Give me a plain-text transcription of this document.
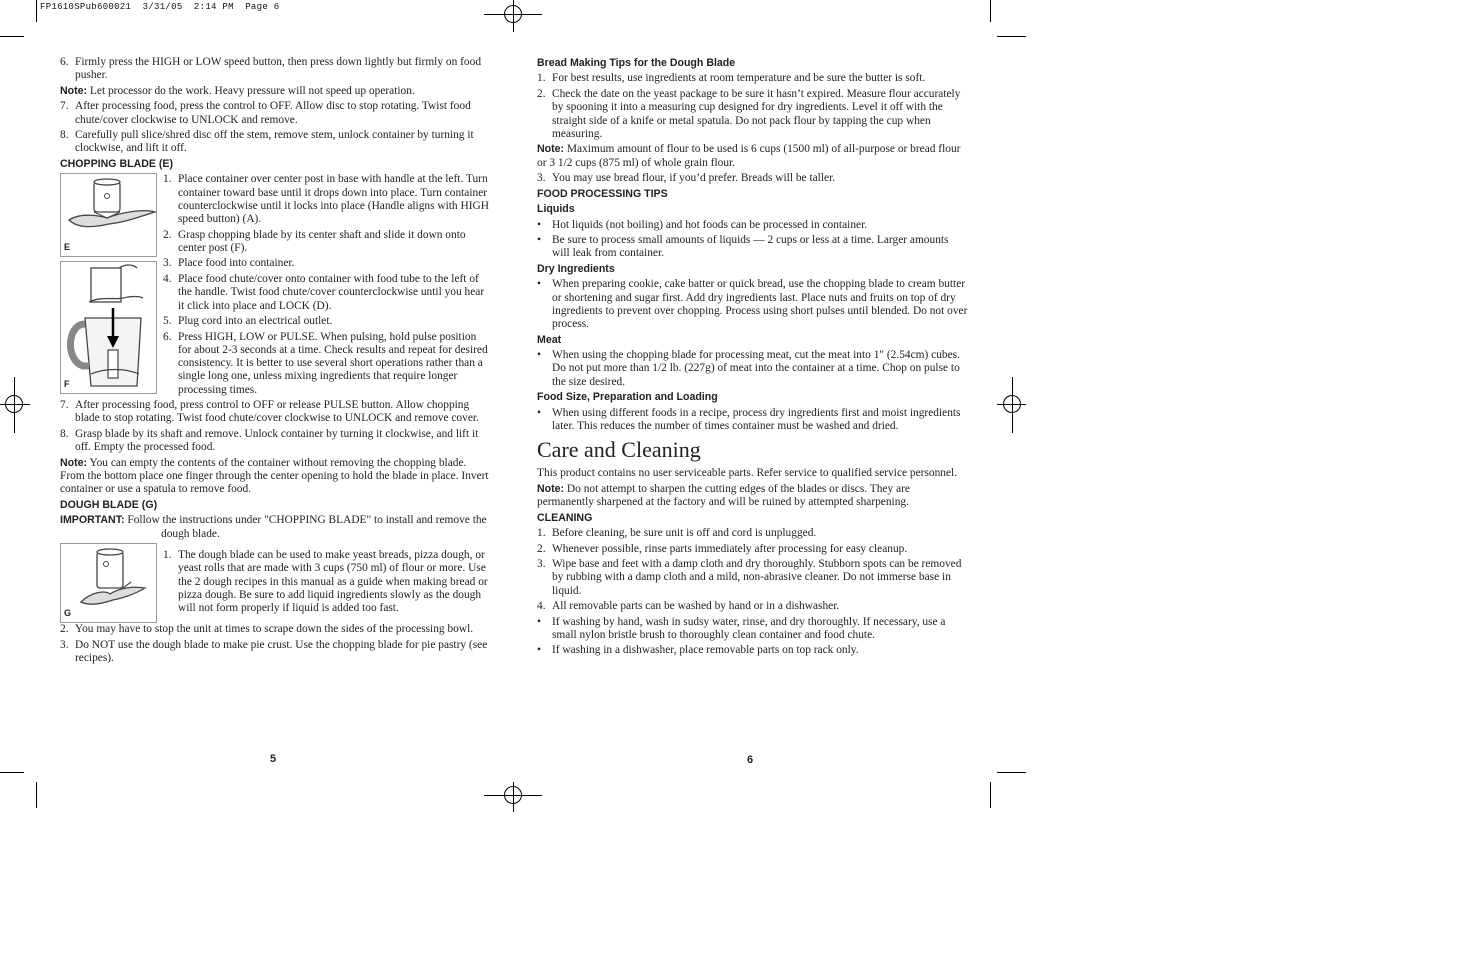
FP1610SPub600021  3/31/05  2:14 PM  Page 6
6. Firmly press the HIGH or LOW speed button, then press down lightly but firmly on food pusher.

Note: Let processor do the work. Heavy pressure will not speed up operation.

7. After processing food, press the control to OFF. Allow disc to stop rotating. Twist food chute/cover clockwise to UNLOCK and remove.
8. Carefully pull slice/shred disc off the stem, remove stem, unlock container by turning it clockwise, and lift it off.
CHOPPING BLADE (E)
E
F
1. Place container over center post in base with handle at the left. Turn container toward base until it drops down into place. Turn container counterclockwise until it locks into place (Handle aligns with HIGH speed button) (A).
2. Grasp chopping blade by its center shaft and slide it down onto center post (F).
3. Place food into container.
4. Place food chute/cover onto container with food tube to the left of the handle. Twist food chute/cover counterclockwise until you hear it click into place and LOCK (D).
5. Plug cord into an electrical outlet.
6. Press HIGH, LOW or PULSE. When pulsing, hold pulse position for about 2-3 seconds at a time. Check results and repeat for desired consistency. It is better to use several short operations rather than a single long one, unless mixing ingredients that require longer processing times.
7. After processing food, press control to OFF or release PULSE button. Allow chopping blade to stop rotating. Twist food chute/cover clockwise to UNLOCK and remove cover.
8. Grasp blade by its shaft and remove. Unlock container by turning it clockwise, and lift it off. Empty the processed food.

Note: You can empty the contents of the container without removing the chopping blade. From the bottom place one finger through the center opening to hold the blade in place. Invert container or use a spatula to remove food.

DOUGH BLADE (G)

IMPORTANT: Follow the instructions under "CHOPPING BLADE" to install and remove the dough blade.

G
1. The dough blade can be used to make yeast breads, pizza dough, or yeast rolls that are made with 3 cups (750 ml) of flour or more. Use the 2 dough recipes in this manual as a guide when making bread or pizza dough. Be sure to add liquid ingredients slowly as the dough will not form properly if liquid is added too fast.
2. You may have to stop the unit at times to scrape down the sides of the processing bowl.
3. Do NOT use the dough blade to make pie crust. Use the chopping blade for pie pastry (see recipes).
Bread Making Tips for the Dough Blade
1. For best results, use ingredients at room temperature and be sure the butter is soft.
2. Check the date on the yeast package to be sure it hasn’t expired. Measure flour accurately by spooning it into a measuring cup designed for dry ingredients. Level it off with the straight side of a knife or metal spatula. Do not pack flour by tapping the cup when measuring.

Note: Maximum amount of flour to be used is 6 cups (1500 ml) of all-purpose or bread flour or 3 1/2 cups (875 ml) of whole grain flour.

3. You may use bread flour, if you’d prefer. Breads will be taller.
FOOD PROCESSING TIPS
Liquids
• Hot liquids (not boiling) and hot foods can be processed in container.
• Be sure to process small amounts of liquids — 2 cups or less at a time. Larger amounts will leak from container.
Dry Ingredients
• When preparing cookie, cake batter or quick bread, use the chopping blade to cream butter or shortening and sugar first. Add dry ingredients last. Place nuts and fruits on top of dry ingredients to prevent over chopping. Process using short pulses until blended. Do not over process.
Meat
• When using the chopping blade for processing meat, cut the meat into 1" (2.54cm) cubes. Do not put more than 1/2 lb. (227g) of meat into the container at a time. Chop on pulse to the size desired.
Food Size, Preparation and Loading
• When using different foods in a recipe, process dry ingredients first and moist ingredients later. This reduces the number of times container must be washed and dried.
Care and Cleaning

This product contains no user serviceable parts. Refer service to qualified service personnel.

Note: Do not attempt to sharpen the cutting edges of the blades or discs. They are permanently sharpened at the factory and will be ruined by attempted sharpening.

CLEANING
1. Before cleaning, be sure unit is off and cord is unplugged.
2. Whenever possible, rinse parts immediately after processing for easy cleanup.
3. Wipe base and feet with a damp cloth and dry thoroughly. Stubborn spots can be removed by rubbing with a damp cloth and a mild, non-abrasive cleaner. Do not immerse base in liquid.
4. All removable parts can be washed by hand or in a dishwasher.
• If washing by hand, wash in sudsy water, rinse, and dry thoroughly. If necessary, use a small nylon bristle brush to thoroughly clean container and food chute.
• If washing in a dishwasher, place removable parts on top rack only.
5	6
